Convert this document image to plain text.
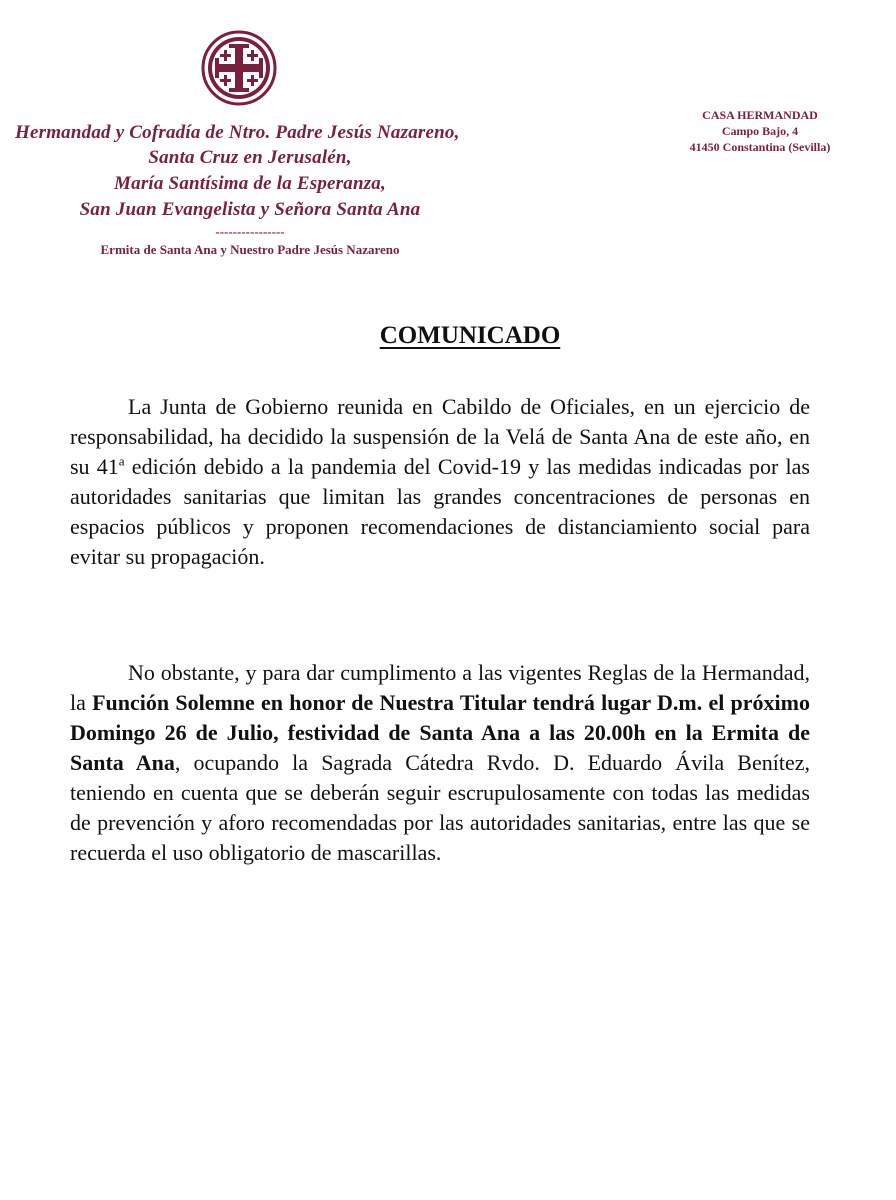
Hermandad y Cofradía de Ntro. Padre Jesús Nazareno,
Santa Cruz en Jerusalén,
María Santísima de la Esperanza,
San Juan Evangelista y Señora Santa Ana
----------------
Ermita de Santa Ana y Nuestro Padre Jesús Nazareno
CASA HERMANDAD
Campo Bajo, 4
41450 Constantina (Sevilla)
COMUNICADO

La Junta de Gobierno reunida en Cabildo de Oficiales, en un ejercicio de responsabilidad, ha decidido la suspensión de la Velá de Santa Ana de este año, en su 41$^a$ edición debido a la pandemia del Covid-19 y las medidas indicadas por las autoridades sanitarias que limitan las grandes concentraciones de personas en espacios públicos y proponen recomendaciones de distanciamiento social para evitar su propagación.

No obstante, y para dar cumplimento a las vigentes Reglas de la Hermandad, la Función Solemne en honor de Nuestra Titular tendrá lugar D.m. el próximo Domingo 26 de Julio, festividad de Santa Ana a las 20.00h en la Ermita de Santa Ana, ocupando la Sagrada Cátedra Rvdo. D. Eduardo Ávila Benítez, teniendo en cuenta que se deberán seguir escrupulosamente con todas las medidas de prevención y aforo recomendadas por las autoridades sanitarias, entre las que se recuerda el uso obligatorio de mascarillas.
